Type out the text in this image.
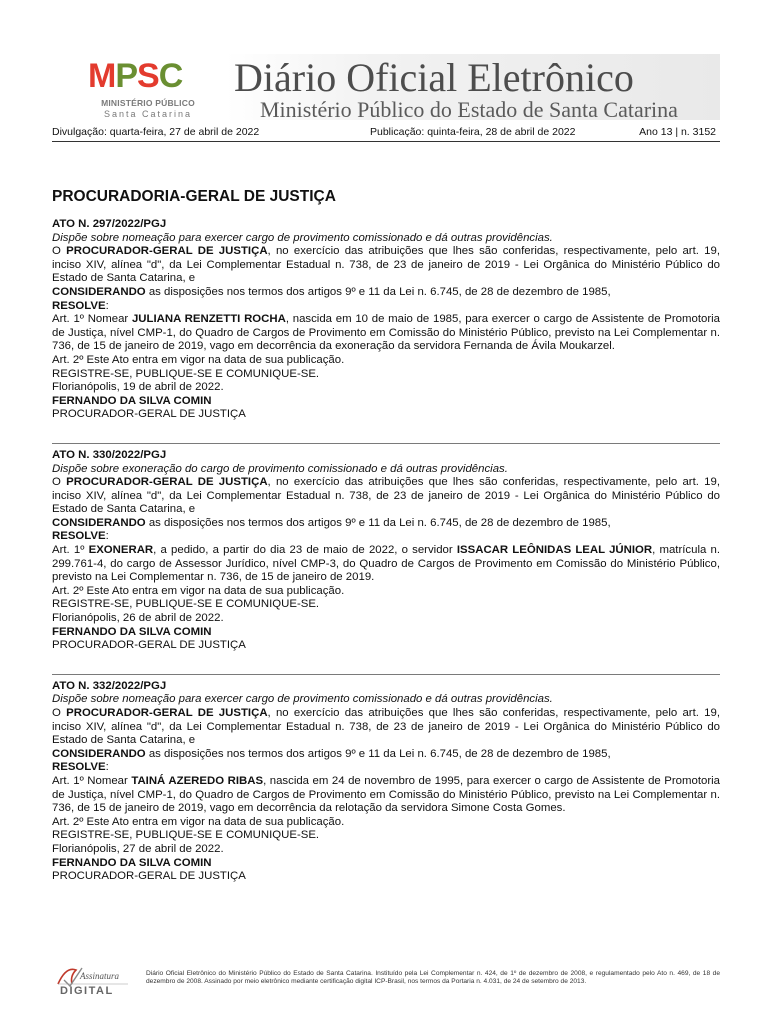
MPSC
MINISTÉRIO PÚBLICO
Santa Catarina
Diário Oficial Eletrônico
Ministério Público do Estado de Santa Catarina
Divulgação: quarta-feira, 27 de abril de 2022	Publicação: quinta-feira, 28 de abril de 2022	Ano 13 | n. 3152
PROCURADORIA-GERAL DE JUSTIÇA

ATO N. 297/2022/PGJ

Dispõe sobre nomeação para exercer cargo de provimento comissionado e dá outras providências.

O PROCURADOR-GERAL DE JUSTIÇA, no exercício das atribuições que lhes são conferidas, respectivamente, pelo art. 19, inciso XIV, alínea "d", da Lei Complementar Estadual n. 738, de 23 de janeiro de 2019 - Lei Orgânica do Ministério Público do Estado de Santa Catarina, e

CONSIDERANDO as disposições nos termos dos artigos 9º e 11 da Lei n. 6.745, de 28 de dezembro de 1985,

RESOLVE:

Art. 1º Nomear JULIANA RENZETTI ROCHA, nascida em 10 de maio de 1985, para exercer o cargo de Assistente de Promotoria de Justiça, nível CMP-1, do Quadro de Cargos de Provimento em Comissão do Ministério Público, previsto na Lei Complementar n. 736, de 15 de janeiro de 2019, vago em decorrência da exoneração da servidora Fernanda de Ávila Moukarzel.

Art. 2º Este Ato entra em vigor na data de sua publicação.

REGISTRE-SE, PUBLIQUE-SE E COMUNIQUE-SE.

Florianópolis, 19 de abril de 2022.

FERNANDO DA SILVA COMIN

PROCURADOR-GERAL DE JUSTIÇA

ATO N. 330/2022/PGJ

Dispõe sobre exoneração do cargo de provimento comissionado e dá outras providências.

O PROCURADOR-GERAL DE JUSTIÇA, no exercício das atribuições que lhes são conferidas, respectivamente, pelo art. 19, inciso XIV, alínea "d", da Lei Complementar Estadual n. 738, de 23 de janeiro de 2019 - Lei Orgânica do Ministério Público do Estado de Santa Catarina, e

CONSIDERANDO as disposições nos termos dos artigos 9º e 11 da Lei n. 6.745, de 28 de dezembro de 1985,

RESOLVE:

Art. 1º EXONERAR, a pedido, a partir do dia 23 de maio de 2022, o servidor ISSACAR LEÔNIDAS LEAL JÚNIOR, matrícula n. 299.761-4, do cargo de Assessor Jurídico, nível CMP-3, do Quadro de Cargos de Provimento em Comissão do Ministério Público, previsto na Lei Complementar n. 736, de 15 de janeiro de 2019.

Art. 2º Este Ato entra em vigor na data de sua publicação.

REGISTRE-SE, PUBLIQUE-SE E COMUNIQUE-SE.

Florianópolis, 26 de abril de 2022.

FERNANDO DA SILVA COMIN

PROCURADOR-GERAL DE JUSTIÇA

ATO N. 332/2022/PGJ

Dispõe sobre nomeação para exercer cargo de provimento comissionado e dá outras providências.

O PROCURADOR-GERAL DE JUSTIÇA, no exercício das atribuições que lhes são conferidas, respectivamente, pelo art. 19, inciso XIV, alínea "d", da Lei Complementar Estadual n. 738, de 23 de janeiro de 2019 - Lei Orgânica do Ministério Público do Estado de Santa Catarina, e

CONSIDERANDO as disposições nos termos dos artigos 9º e 11 da Lei n. 6.745, de 28 de dezembro de 1985,

RESOLVE:

Art. 1º Nomear TAINÁ AZEREDO RIBAS, nascida em 24 de novembro de 1995, para exercer o cargo de Assistente de Promotoria de Justiça, nível CMP-1, do Quadro de Cargos de Provimento em Comissão do Ministério Público, previsto na Lei Complementar n. 736, de 15 de janeiro de 2019, vago em decorrência da relotação da servidora Simone Costa Gomes.

Art. 2º Este Ato entra em vigor na data de sua publicação.

REGISTRE-SE, PUBLIQUE-SE E COMUNIQUE-SE.

Florianópolis, 27 de abril de 2022.

FERNANDO DA SILVA COMIN

PROCURADOR-GERAL DE JUSTIÇA

Assinatura
DIGITAL
Diário Oficial Eletrônico do Ministério Público do Estado de Santa Catarina. Instituído pela Lei Complementar n. 424, de 1º de dezembro de 2008, e regulamentado pelo Ato n. 469, de 18 de dezembro de 2008. Assinado por meio eletrônico mediante certificação digital ICP-Brasil, nos termos da Portaria n. 4.031, de 24 de setembro de 2013.
